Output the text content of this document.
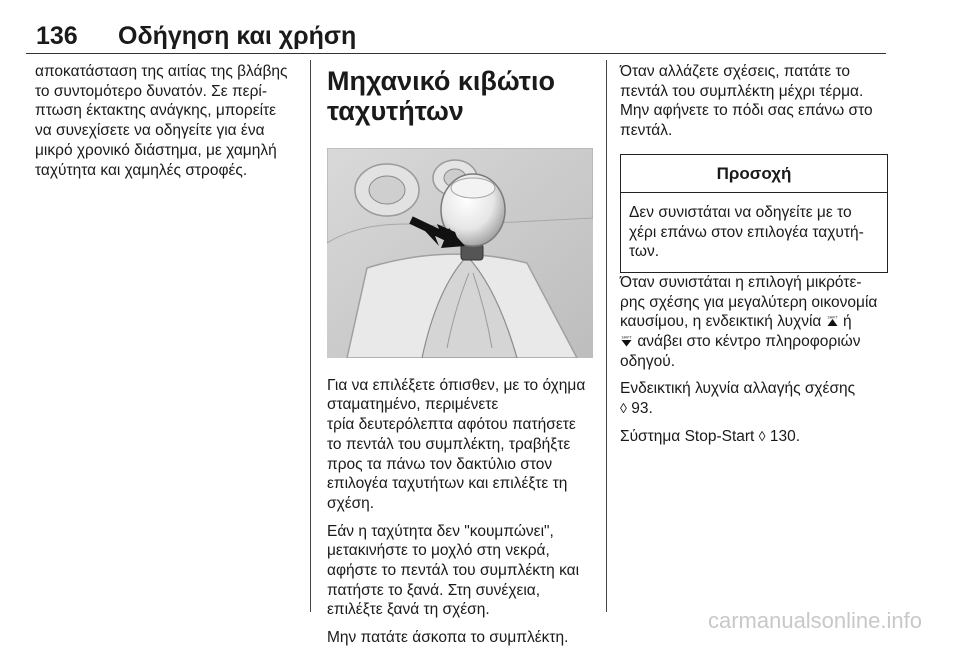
136 Οδήγηση και χρήση

αποκατάσταση της αιτίας της βλάβης
το συντομότερο δυνατόν. Σε περί-
πτωση έκτακτης ανάγκης, μπορείτε
να συνεχίσετε να οδηγείτε για ένα
μικρό χρονικό διάστημα, με χαμηλή
ταχύτητα και χαμηλές στροφές.

Μηχανικό κιβώτιο
ταχυτήτων

Για να επιλέξετε όπισθεν, με το όχημα
σταματημένο, περιμένετε
τρία δευτερόλεπτα αφότου πατήσετε
το πεντάλ του συμπλέκτη, τραβήξτε
προς τα πάνω τον δακτύλιο στον
επιλογέα ταχυτήτων και επιλέξτε τη
σχέση.

Εάν η ταχύτητα δεν "κουμπώνει",
μετακινήστε το μοχλό στη νεκρά,
αφήστε το πεντάλ του συμπλέκτη και
πατήστε το ξανά. Στη συνέχεια,
επιλέξτε ξανά τη σχέση.

Μην πατάτε άσκοπα το συμπλέκτη.

Όταν αλλάζετε σχέσεις, πατάτε το
πεντάλ του συμπλέκτη μέχρι τέρμα.
Μην αφήνετε το πόδι σας επάνω στο
πεντάλ.

Προσοχή
Δεν συνιστάται να οδηγείτε με το
χέρι επάνω στον επιλογέα ταχυτή-
των.

Όταν συνιστάται η επιλογή μικρότε-
ρης σχέσης για μεγαλύτερη οικονομία
καυσίμου, η ενδεικτική λυχνία SHIFT ή
SHIFT ανάβει στο κέντρο πληροφοριών
οδηγού.

Ενδεικτική λυχνία αλλαγής σχέσης
◊ 93.

Σύστημα Stop-Start ◊ 130.

carmanualsonline.info
